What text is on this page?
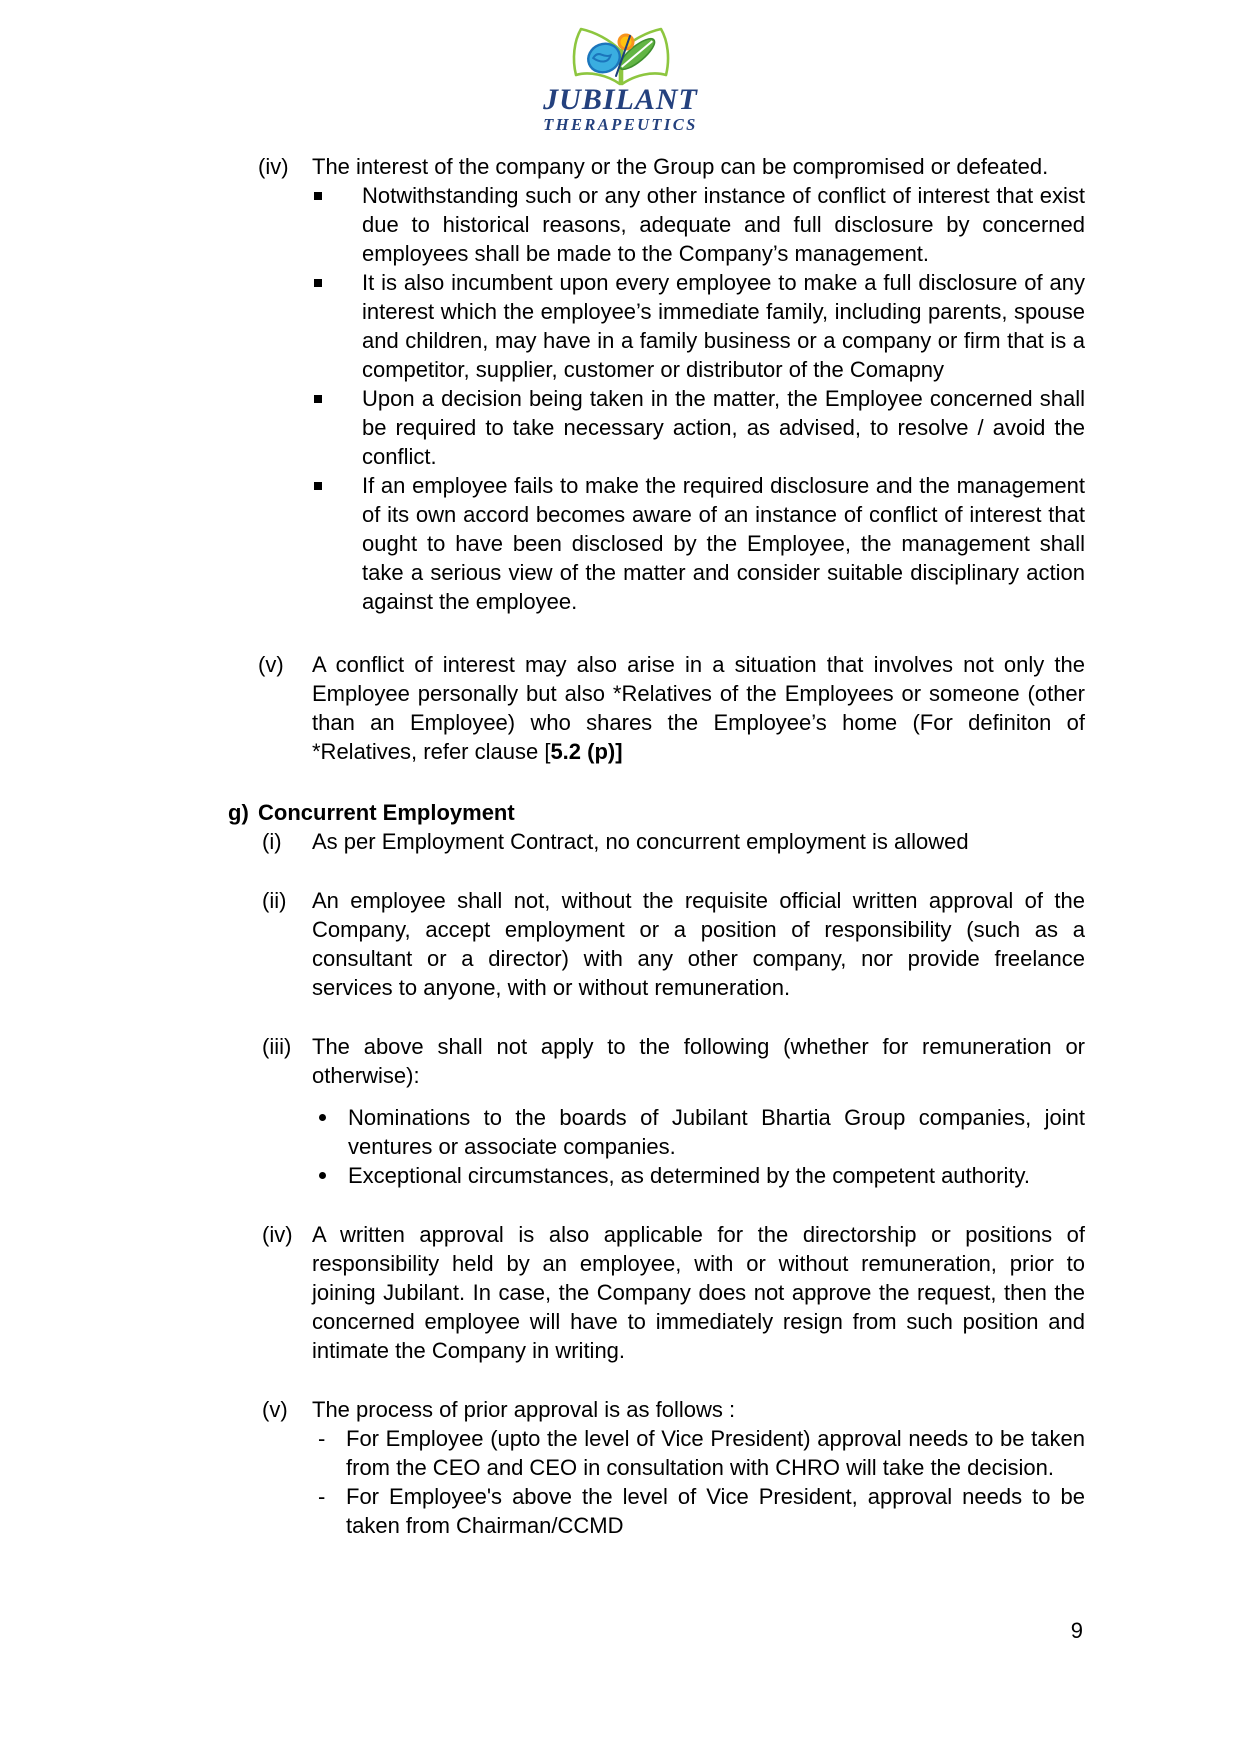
JUBILANT
THERAPEUTICS
(iv)	The interest of the company or the Group can be compromised or defeated.

Notwithstanding such or any other instance of conflict of interest that exist due to historical reasons, adequate and full disclosure by concerned employees shall be made to the Company’s management.

It is also incumbent upon every employee to make a full disclosure of any interest which the employee’s immediate family, including parents, spouse and children, may have in a family business or a company or firm that is a competitor, supplier, customer or distributor of the Comapny

Upon a decision being taken in the matter, the Employee concerned shall be required to take necessary action, as advised, to resolve / avoid the conflict.

If an employee fails to make the required disclosure and the management of its own accord becomes aware of an instance of conflict of interest that ought to have been disclosed by the Employee, the management shall take a serious view of the matter and consider suitable disciplinary action against the employee.

(v)	A conflict of interest may also arise in a situation that involves not only the Employee personally but also *Relatives of the Employees or someone (other than an Employee) who shares the Employee’s home (For definiton of *Relatives, refer clause [5.2 (p)]

g) Concurrent Employment
(i)	As per Employment Contract, no concurrent employment is allowed

(ii)	An employee shall not, without the requisite official written approval of the Company, accept employment or a position of responsibility (such as a consultant or a director) with any other company, nor provide freelance services to anyone, with or without remuneration.

(iii) The above shall not apply to the following (whether for remuneration or otherwise):

Nominations to the boards of Jubilant Bhartia Group companies, joint ventures or associate companies.

Exceptional circumstances, as determined by the competent authority.

(iv) A written approval is also applicable for the directorship or positions of responsibility held by an employee, with or without remuneration, prior to joining Jubilant. In case, the Company does not approve the request, then the concerned employee will have to immediately resign from such position and intimate the Company in writing.

(v)	The process of prior approval is as follows :

- For Employee (upto the level of Vice President) approval needs to be taken from the CEO and CEO in consultation with CHRO will take the decision.

- For Employee's above the level of Vice President, approval needs to be taken from Chairman/CCMD

9
